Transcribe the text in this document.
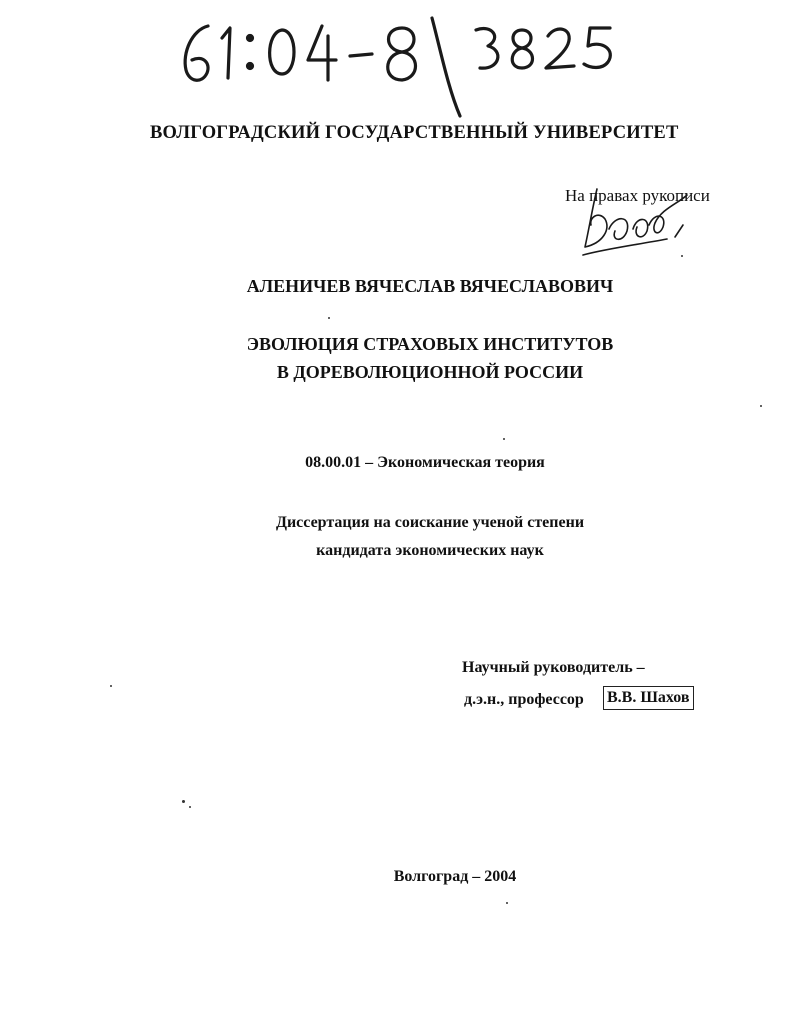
ВОЛГОГРАДСКИЙ ГОСУДАРСТВЕННЫЙ УНИВЕРСИТЕТ
На правах рукописи
АЛЕНИЧЕВ ВЯЧЕСЛАВ ВЯЧЕСЛАВОВИЧ
ЭВОЛЮЦИЯ СТРАХОВЫХ ИНСТИТУТОВ
В ДОРЕВОЛЮЦИОННОЙ РОССИИ
08.00.01 – Экономическая теория
Диссертация на соискание ученой степени
кандидата экономических наук
Научный руководитель –
д.э.н., профессор В.В. Шахов
Волгоград – 2004
